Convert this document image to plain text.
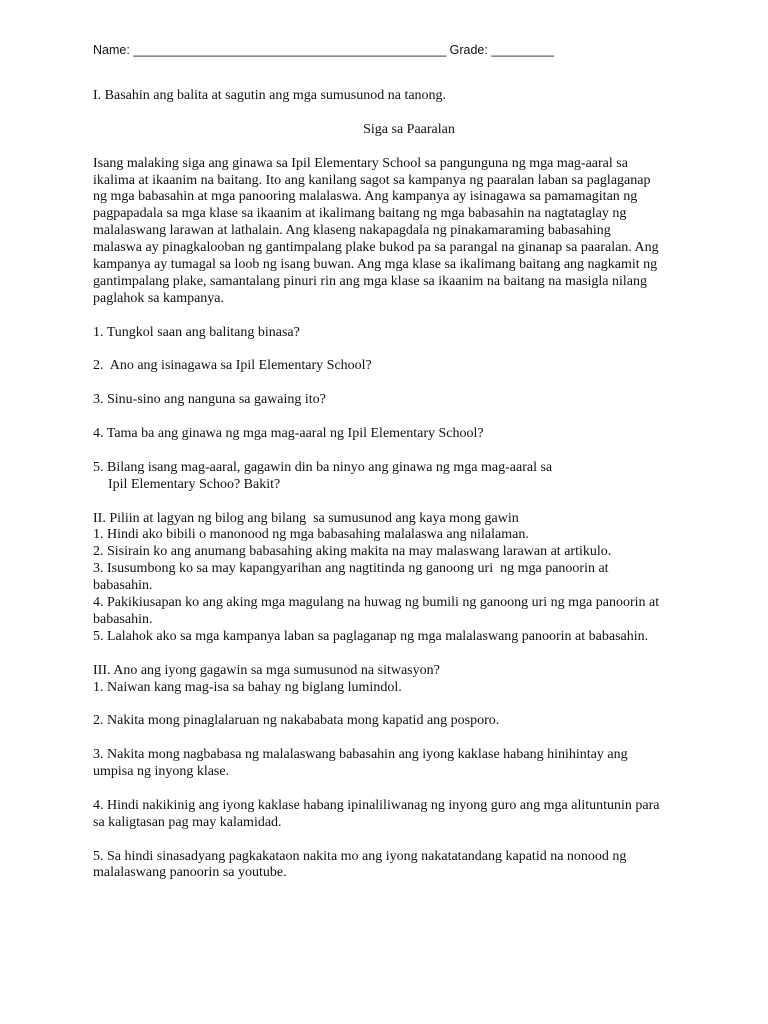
Name: _____________________________________________ Grade: _________
I. Basahin ang balita at sagutin ang mga sumusunod na tanong.
Siga sa Paaralan
Isang malaking siga ang ginawa sa Ipil Elementary School sa pangunguna ng mga mag-aaral sa
ikalima at ikaanim na baitang. Ito ang kanilang sagot sa kampanya ng paaralan laban sa paglaganap
ng mga babasahin at mga panooring malalaswa. Ang kampanya ay isinagawa sa pamamagitan ng
pagpapadala sa mga klase sa ikaanim at ikalimang baitang ng mga babasahin na nagtataglay ng
malalaswang larawan at lathalain. Ang klaseng nakapagdala ng pinakamaraming babasahing
malaswa ay pinagkalooban ng gantimpalang plake bukod pa sa parangal na ginanap sa paaralan. Ang
kampanya ay tumagal sa loob ng isang buwan. Ang mga klase sa ikalimang baitang ang nagkamit ng
gantimpalang plake, samantalang pinuri rin ang mga klase sa ikaanim na baitang na masigla nilang
paglahok sa kampanya.
1. Tungkol saan ang balitang binasa?
2.  Ano ang isinagawa sa Ipil Elementary School?
3. Sinu-sino ang nanguna sa gawaing ito?
4. Tama ba ang ginawa ng mga mag-aaral ng Ipil Elementary School?
5. Bilang isang mag-aaral, gagawin din ba ninyo ang ginawa ng mga mag-aaral sa
Ipil Elementary Schoo? Bakit?
II. Piliin at lagyan ng bilog ang bilang  sa sumusunod ang kaya mong gawin
1. Hindi ako bibili o manonood ng mga babasahing malalaswa ang nilalaman.
2. Sisirain ko ang anumang babasahing aking makita na may malaswang larawan at artikulo.
3. Isusumbong ko sa may kapangyarihan ang nagtitinda ng ganoong uri  ng mga panoorin at
babasahin.
4. Pakikiusapan ko ang aking mga magulang na huwag ng bumili ng ganoong uri ng mga panoorin at
babasahin.
5. Lalahok ako sa mga kampanya laban sa paglaganap ng mga malalaswang panoorin at babasahin.
III. Ano ang iyong gagawin sa mga sumusunod na sitwasyon?
1. Naiwan kang mag-isa sa bahay ng biglang lumindol.
2. Nakita mong pinaglalaruan ng nakababata mong kapatid ang posporo.
3. Nakita mong nagbabasa ng malalaswang babasahin ang iyong kaklase habang hinihintay ang
umpisa ng inyong klase.
4. Hindi nakikinig ang iyong kaklase habang ipinaliliwanag ng inyong guro ang mga alituntunin para
sa kaligtasan pag may kalamidad.
5. Sa hindi sinasadyang pagkakataon nakita mo ang iyong nakatatandang kapatid na nonood ng
malalaswang panoorin sa youtube.
